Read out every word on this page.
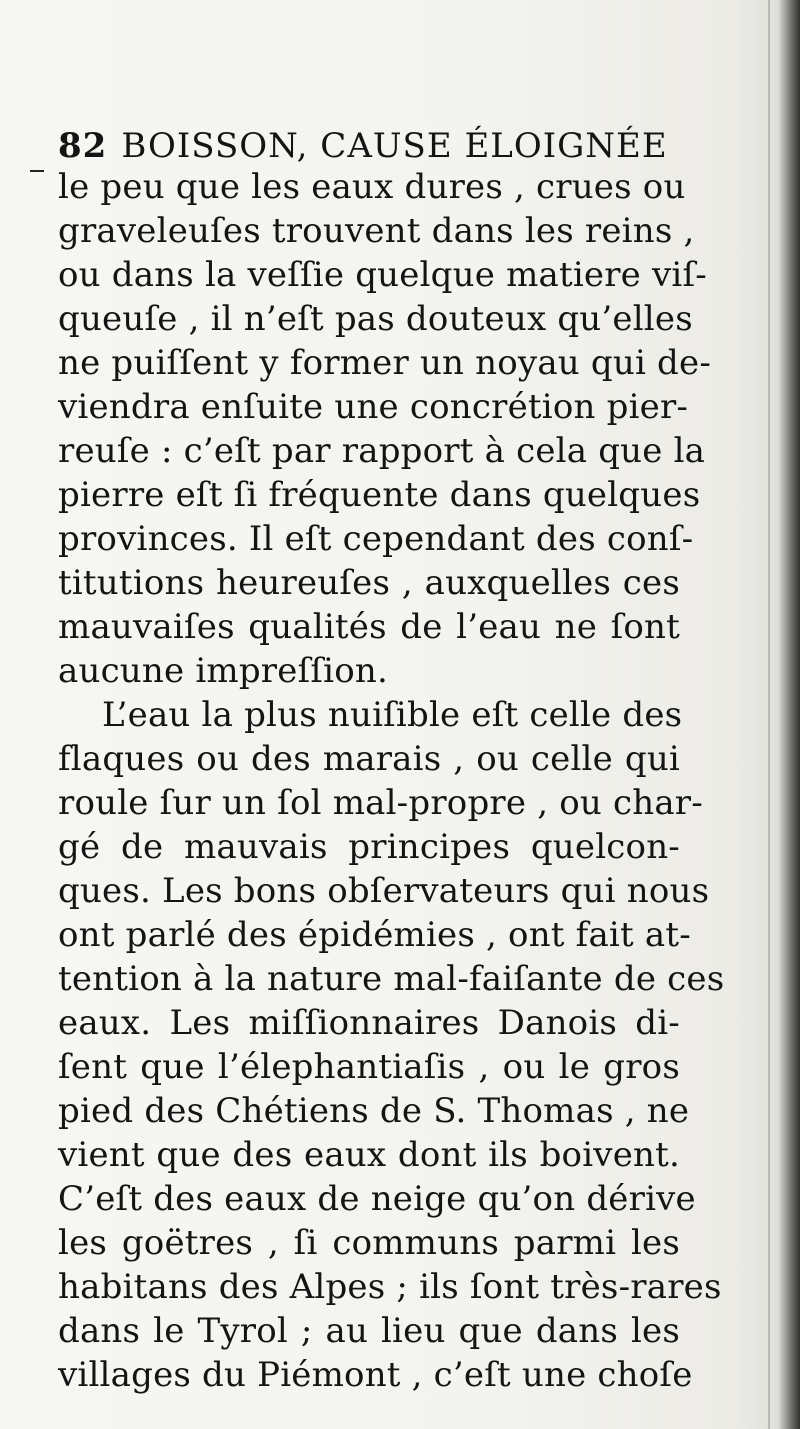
82 BOISSON, CAUSE ÉLOIGNÉE
le peu que les eaux dures , crues ou
graveleuſes trouvent dans les reins ,
ou dans la veſſie quelque matiere viſ-
queuſe , il n’eſt pas douteux qu’elles
ne puiſſent y former un noyau qui de-
viendra enſuite une concrétion pier-
reuſe : c’eſt par rapport à cela que la
pierre eſt ſi fréquente dans quelques
provinces. Il eſt cependant des conſ-
titutions heureuſes , auxquelles ces
mauvaiſes qualités de l’eau ne ſont
aucune impreſſion.
L’eau la plus nuiſible eſt celle des
flaques ou des marais , ou celle qui
roule ſur un ſol mal-propre , ou char-
gé de mauvais principes quelcon-
ques. Les bons obſervateurs qui nous
ont parlé des épidémies , ont fait at-
tention à la nature mal-faiſante de ces
eaux. Les miſſionnaires Danois di-
ſent que l’élephantiaſis , ou le gros
pied des Chétiens de S. Thomas , ne
vient que des eaux dont ils boivent.
C’eſt des eaux de neige qu’on dérive
les goëtres , ſi communs parmi les
habitans des Alpes ; ils ſont très-rares
dans le Tyrol ; au lieu que dans les
villages du Piémont , c’eſt une choſe
